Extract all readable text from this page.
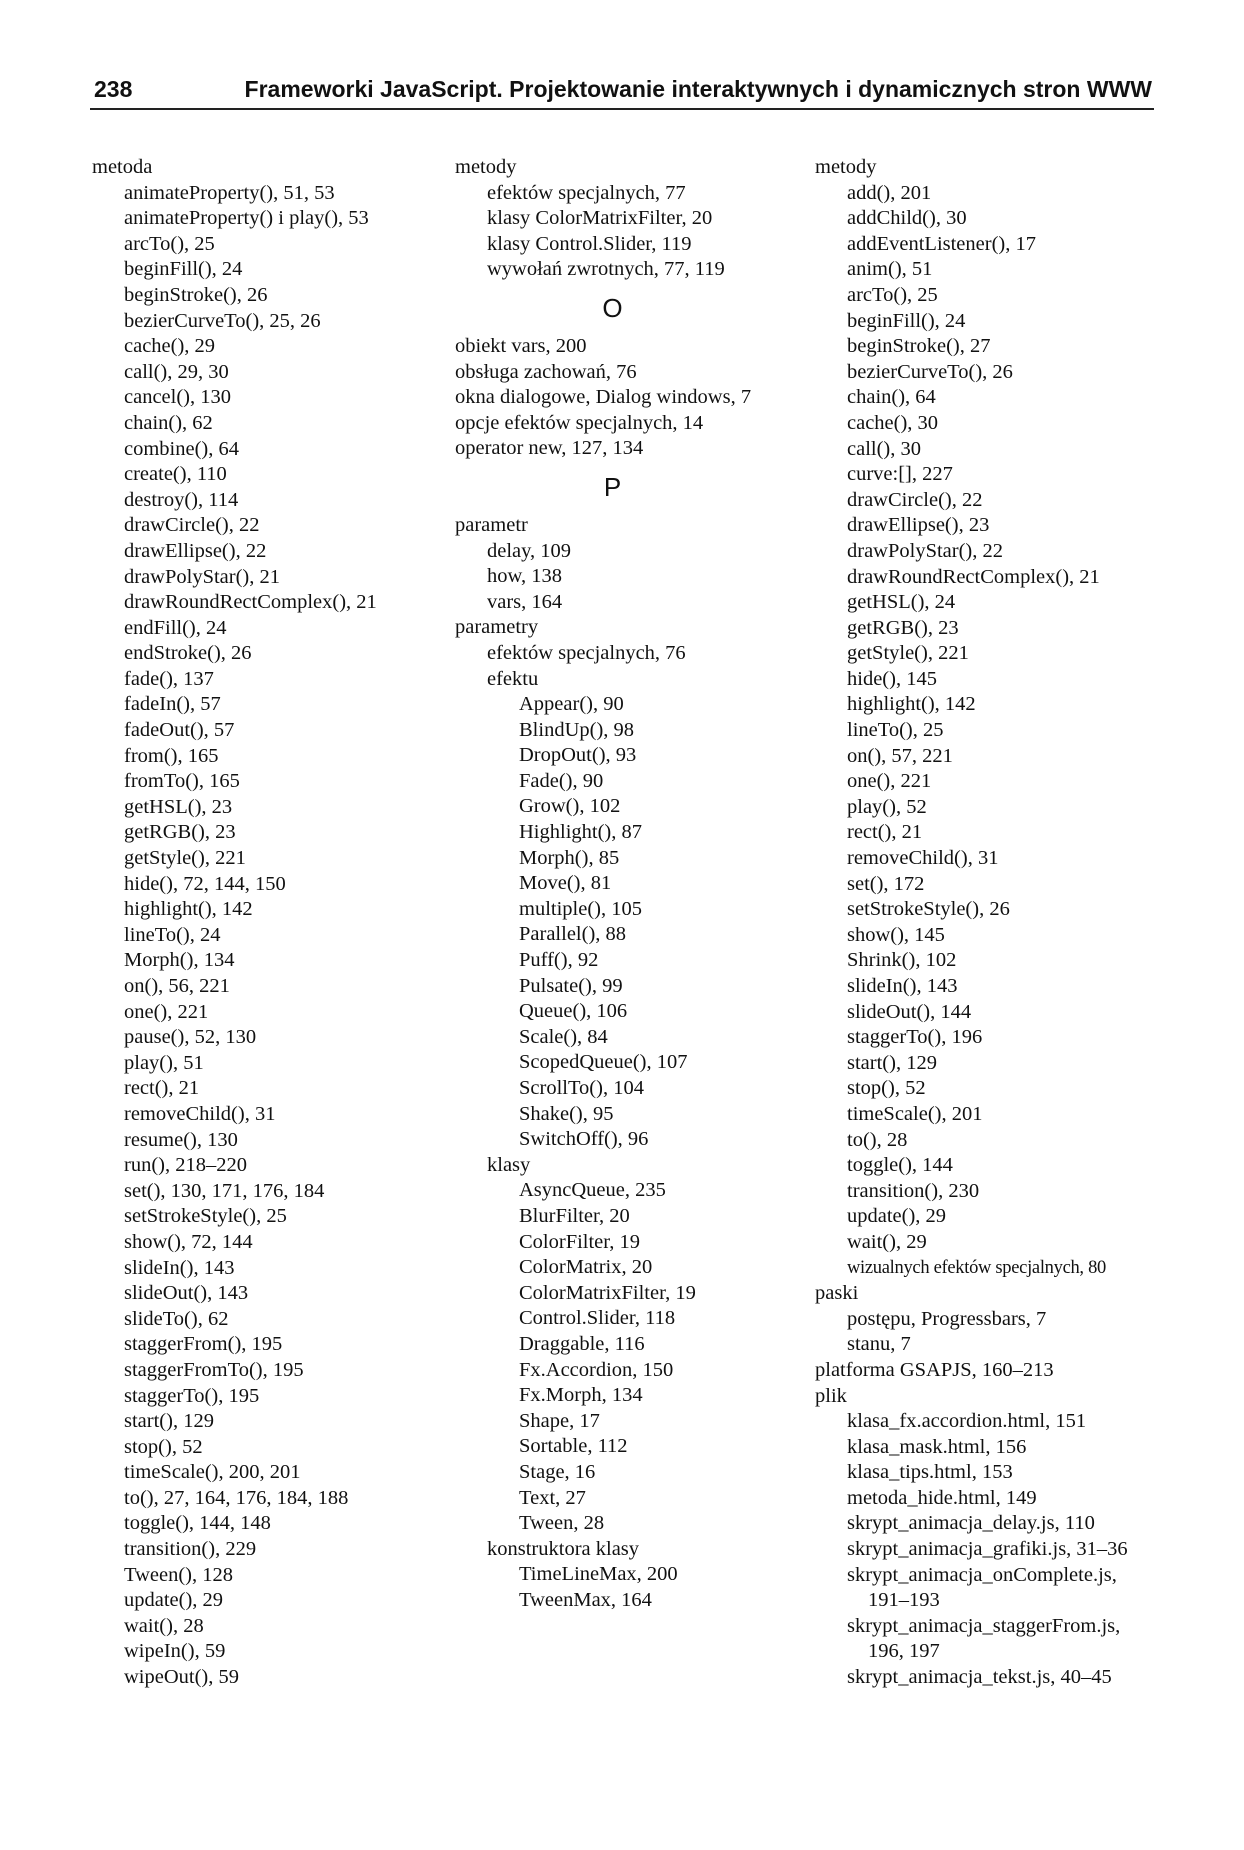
238	Frameworki JavaScript. Projektowanie interaktywnych i dynamicznych stron WWW
metoda
animateProperty(), 51, 53
animateProperty() i play(), 53
arcTo(), 25
beginFill(), 24
beginStroke(), 26
bezierCurveTo(), 25, 26
cache(), 29
call(), 29, 30
cancel(), 130
chain(), 62
combine(), 64
create(), 110
destroy(), 114
drawCircle(), 22
drawEllipse(), 22
drawPolyStar(), 21
drawRoundRectComplex(), 21
endFill(), 24
endStroke(), 26
fade(), 137
fadeIn(), 57
fadeOut(), 57
from(), 165
fromTo(), 165
getHSL(), 23
getRGB(), 23
getStyle(), 221
hide(), 72, 144, 150
highlight(), 142
lineTo(), 24
Morph(), 134
on(), 56, 221
one(), 221
pause(), 52, 130
play(), 51
rect(), 21
removeChild(), 31
resume(), 130
run(), 218–220
set(), 130, 171, 176, 184
setStrokeStyle(), 25
show(), 72, 144
slideIn(), 143
slideOut(), 143
slideTo(), 62
staggerFrom(), 195
staggerFromTo(), 195
staggerTo(), 195
start(), 129
stop(), 52
timeScale(), 200, 201
to(), 27, 164, 176, 184, 188
toggle(), 144, 148
transition(), 229
Tween(), 128
update(), 29
wait(), 28
wipeIn(), 59
wipeOut(), 59
metody
efektów specjalnych, 77
klasy ColorMatrixFilter, 20
klasy Control.Slider, 119
wywołań zwrotnych, 77, 119
O
obiekt vars, 200
obsługa zachowań, 76
okna dialogowe, Dialog windows, 7
opcje efektów specjalnych, 14
operator new, 127, 134
P
parametr
delay, 109
how, 138
vars, 164
parametry
efektów specjalnych, 76
efektu
Appear(), 90
BlindUp(), 98
DropOut(), 93
Fade(), 90
Grow(), 102
Highlight(), 87
Morph(), 85
Move(), 81
multiple(), 105
Parallel(), 88
Puff(), 92
Pulsate(), 99
Queue(), 106
Scale(), 84
ScopedQueue(), 107
ScrollTo(), 104
Shake(), 95
SwitchOff(), 96
klasy
AsyncQueue, 235
BlurFilter, 20
ColorFilter, 19
ColorMatrix, 20
ColorMatrixFilter, 19
Control.Slider, 118
Draggable, 116
Fx.Accordion, 150
Fx.Morph, 134
Shape, 17
Sortable, 112
Stage, 16
Text, 27
Tween, 28
konstruktora klasy
TimeLineMax, 200
TweenMax, 164
metody
add(), 201
addChild(), 30
addEventListener(), 17
anim(), 51
arcTo(), 25
beginFill(), 24
beginStroke(), 27
bezierCurveTo(), 26
chain(), 64
cache(), 30
call(), 30
curve:[], 227
drawCircle(), 22
drawEllipse(), 23
drawPolyStar(), 22
drawRoundRectComplex(), 21
getHSL(), 24
getRGB(), 23
getStyle(), 221
hide(), 145
highlight(), 142
lineTo(), 25
on(), 57, 221
one(), 221
play(), 52
rect(), 21
removeChild(), 31
set(), 172
setStrokeStyle(), 26
show(), 145
Shrink(), 102
slideIn(), 143
slideOut(), 144
staggerTo(), 196
start(), 129
stop(), 52
timeScale(), 201
to(), 28
toggle(), 144
transition(), 230
update(), 29
wait(), 29
wizualnych efektów specjalnych, 80
paski
postępu, Progressbars, 7
stanu, 7
platforma GSAPJS, 160–213
plik
klasa_fx.accordion.html, 151
klasa_mask.html, 156
klasa_tips.html, 153
metoda_hide.html, 149
skrypt_animacja_delay.js, 110
skrypt_animacja_grafiki.js, 31–36
skrypt_animacja_onComplete.js,
191–193
skrypt_animacja_staggerFrom.js,
196, 197
skrypt_animacja_tekst.js, 40–45
